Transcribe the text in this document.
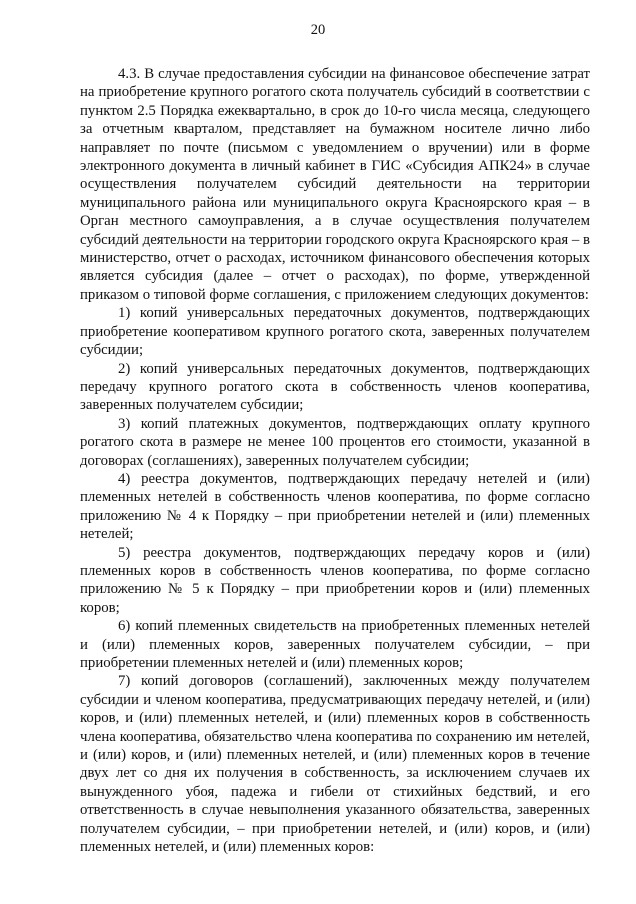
20

4.3. В случае предоставления субсидии на финансовое обеспечение затрат на приобретение крупного рогатого скота получатель субсидий в соответствии с пунктом 2.5 Порядка ежеквартально, в срок до 10-го числа месяца, следующего за отчетным кварталом, представляет на бумажном носителе лично либо направляет по почте (письмом с уведомлением о вручении) или в форме электронного документа в личный кабинет в ГИС «Субсидия АПК24» в случае осуществления получателем субсидий деятельности на территории муниципального района или муниципального округа Красноярского края – в Орган местного самоуправления, а в случае осуществления получателем субсидий деятельности на территории городского округа Красноярского края – в министерство, отчет о расходах, источником финансового обеспечения которых является субсидия (далее – отчет о расходах), по форме, утвержденной приказом о типовой форме соглашения, с приложением следующих документов:

1) копий универсальных передаточных документов, подтверждающих приобретение кооперативом крупного рогатого скота, заверенных получателем субсидии;

2) копий универсальных передаточных документов, подтверждающих передачу крупного рогатого скота в собственность членов кооператива, заверенных получателем субсидии;

3) копий платежных документов, подтверждающих оплату крупного рогатого скота в размере не менее 100 процентов его стоимости, указанной в договорах (соглашениях), заверенных получателем субсидии;

4) реестра документов, подтверждающих передачу нетелей и (или) племенных нетелей в собственность членов кооператива, по форме согласно приложению № 4 к Порядку – при приобретении нетелей и (или) племенных нетелей;

5) реестра документов, подтверждающих передачу коров и (или) племенных коров в собственность членов кооператива, по форме согласно приложению № 5 к Порядку – при приобретении коров и (или) племенных коров;

6) копий племенных свидетельств на приобретенных племенных нетелей и (или) племенных коров, заверенных получателем субсидии, – при приобретении племенных нетелей и (или) племенных коров;

7) копий договоров (соглашений), заключенных между получателем субсидии и членом кооператива, предусматривающих передачу нетелей, и (или) коров, и (или) племенных нетелей, и (или) племенных коров в собственность члена кооператива, обязательство члена кооператива по сохранению им нетелей, и (или) коров, и (или) племенных нетелей, и (или) племенных коров в течение двух лет со дня их получения в собственность, за исключением случаев их вынужденного убоя, падежа и гибели от стихийных бедствий, и его ответственность в случае невыполнения указанного обязательства, заверенных получателем субсидии, – при приобретении нетелей, и (или) коров, и (или) племенных нетелей, и (или) племенных коров:
